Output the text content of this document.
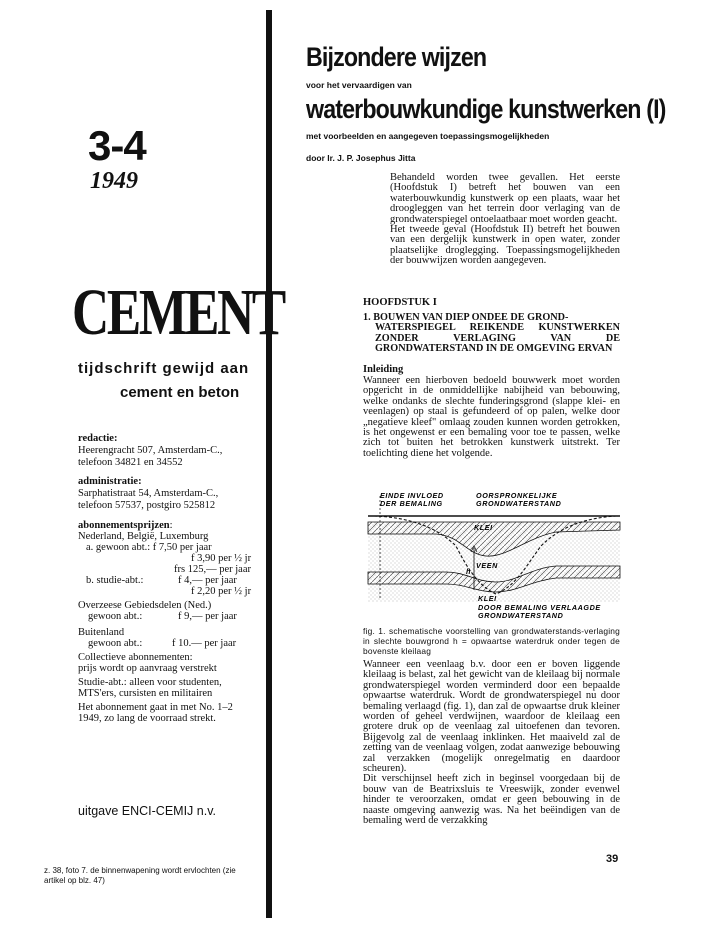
3-4
1949
CEMENT
tijdschrift gewijd aan
cement en beton
redactie:
Heerengracht 507, Amsterdam-C.,
telefoon 34821 en 34552
administratie:
Sarphatistraat 54, Amsterdam-C.,
telefoon 57537, postgiro 525812
abonnementsprijzen:
Nederland, België, Luxemburg
a. gewoon abt.: f 7,50 per jaar
f 3,90 per ½ jr
frs 125,— per jaar
b. studie-abt.:	f 4,— per jaar
f 2,20 per ½ jr
Overzeese Gebiedsdelen (Ned.)
gewoon abt.:	f 9,— per jaar
Buitenland
gewoon abt.:	f 10.— per jaar
Collectieve abonnementen:
prijs wordt op aanvraag verstrekt
Studie-abt.: alleen voor studenten,
MTS'ers, cursisten en militairen
Het abonnement gaat in met No. 1–2
1949, zo lang de voorraad strekt.
uitgave ENCI-CEMIJ n.v.
z. 38, foto 7. de binnenwapening wordt ervlochten (zie artikel op blz. 47)
Bijzondere wijzen
voor het vervaardigen van
waterbouwkundige kunstwerken (I)
met voorbeelden en aangegeven toepassingsmogelijkheden
door Ir. J. P. Josephus Jitta
Behandeld worden twee gevallen. Het eerste (Hoofdstuk I) betreft het bouwen van een waterbouwkundig kunstwerk op een plaats, waar het droogleggen van het terrein door verlaging van de grondwaterspiegel ontoelaatbaar moet worden geacht.
Het tweede geval (Hoofdstuk II) betreft het bouwen van een dergelijk kunstwerk in open water, zonder plaatselijke droglegging. Toepassingsmogelijkheden der bouwwijzen worden aangegeven.
HOOFDSTUK I
1. BOUWEN VAN DIEP ONDEE DE GROND-
WATERSPIEGEL REIKENDE KUNSTWERKEN ZONDER VERLAGING VAN DE GRONDWATERSTAND IN DE OMGEVING ERVAN
Inleiding
Wanneer een hierboven bedoeld bouwwerk moet worden opgericht in de onmiddellijke nabijheid van bebouwing, welke ondanks de slechte funderingsgrond (slappe klei- en veenlagen) op staal is gefundeerd of op palen, welke door „negatieve kleef" omlaag zouden kunnen worden getrokken, is het ongewenst er een bemaling voor toe te passen, welke zich tot buiten het betrokken kunstwerk uitstrekt. Ter toelichting diene het volgende.
EINDE INVLOED
DER BEMALING
OORSPRONKELIJKE
GRONDWATERSTAND
KLEI
VEEN
KLEI
h
DOOR BEMALING VERLAAGDE
GRONDWATERSTAND
fig. 1. schematische voorstelling van grondwaterstands-verlaging in slechte bouwgrond h = opwaartse waterdruk onder tegen de bovenste kleilaag
Wanneer een veenlaag b.v. door een er boven liggende kleilaag is belast, zal het gewicht van de kleilaag bij normale grondwaterspiegel worden verminderd door een bepaalde opwaartse waterdruk. Wordt de grondwaterspiegel nu door bemaling verlaagd (fig. 1), dan zal de opwaartse druk kleiner worden of geheel verdwijnen, waardoor de kleilaag een grotere druk op de veenlaag zal uitoefenen dan tevoren. Bijgevolg zal de veenlaag inklinken. Het maaiveld zal de zetting van de veenlaag volgen, zodat aanwezige bebouwing zal verzakken (mogelijk onregelmatig en daardoor scheuren).
Dit verschijnsel heeft zich in beginsel voorgedaan bij de bouw van de Beatrixsluis te Vreeswijk, zonder evenwel hinder te veroorzaken, omdat er geen bebouwing in de naaste omgeving aanwezig was. Na het beëindigen van de bemaling werd de verzakking
39
